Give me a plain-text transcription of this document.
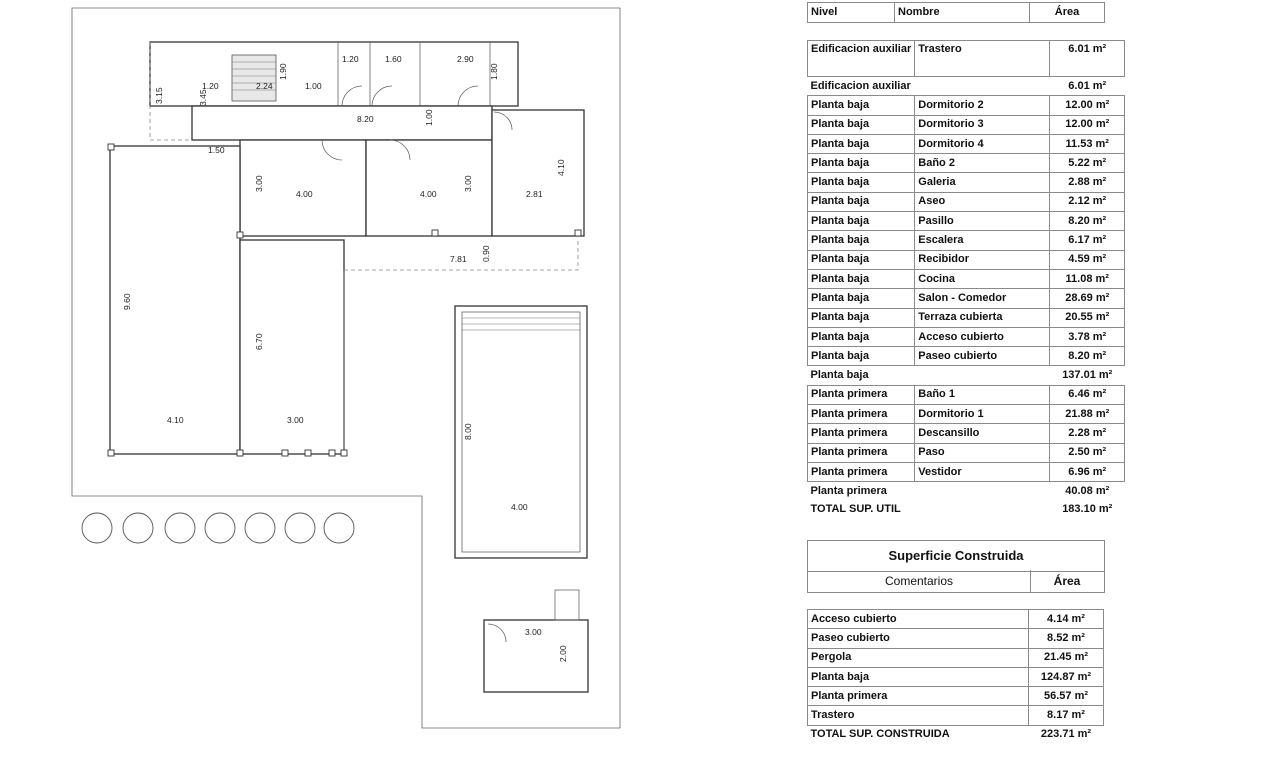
1.20	1.60	2.90
3.15	3.45
1.20	2.24
1.90
1.00
1.80
8.20	1.00
1.50
4.10
3.00
4.00	4.00
3.00
2.81
7.81 0.90
9.60
6.70
4.10	3.00
8.00
4.00
3.00
2.00
Nivel	Nombre	Área
Edificacion auxiliar	Trastero	6.01 m²
Edificacion auxiliar		6.01 m²
Planta baja	Dormitorio 2	12.00 m²
Planta baja	Dormitorio 3	12.00 m²
Planta baja	Dormitorio 4	11.53 m²
Planta baja	Baño 2	5.22 m²
Planta baja	Galeria	2.88 m²
Planta baja	Aseo	2.12 m²
Planta baja	Pasillo	8.20 m²
Planta baja	Escalera	6.17 m²
Planta baja	Recibidor	4.59 m²
Planta baja	Cocina	11.08 m²
Planta baja	Salon - Comedor	28.69 m²
Planta baja	Terraza cubierta	20.55 m²
Planta baja	Acceso cubierto	3.78 m²
Planta baja	Paseo cubierto	8.20 m²
Planta baja		137.01 m²
Planta primera	Baño 1	6.46 m²
Planta primera	Dormitorio 1	21.88 m²
Planta primera	Descansillo	2.28 m²
Planta primera	Paso	2.50 m²
Planta primera	Vestidor	6.96 m²
Planta primera		40.08 m²
TOTAL SUP. UTIL		183.10 m²
Superficie Construida
Comentarios	Área
Acceso cubierto	4.14 m²
Paseo cubierto	8.52 m²
Pergola	21.45 m²
Planta baja	124.87 m²
Planta primera	56.57 m²
Trastero	8.17 m²
TOTAL SUP. CONSTRUIDA	223.71 m²
